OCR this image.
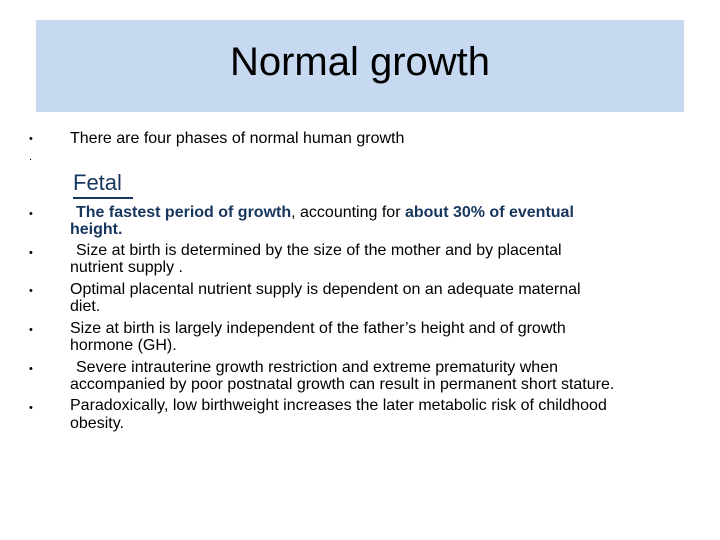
Normal growth
• There are four phases of normal human growth
.
Fetal
•	The fastest period of growth, accounting for about 30% of eventual
height.
•	Size at birth is determined by the size of the mother and by placental
nutrient supply .
• Optimal placental nutrient supply is dependent on an adequate maternal
diet.
• Size at birth is largely independent of the father’s height and of growth
hormone (GH).
•	Severe intrauterine growth restriction and extreme prematurity when
accompanied by poor postnatal growth can result in permanent short stature.
• Paradoxically, low birthweight increases the later metabolic risk of childhood
obesity.
